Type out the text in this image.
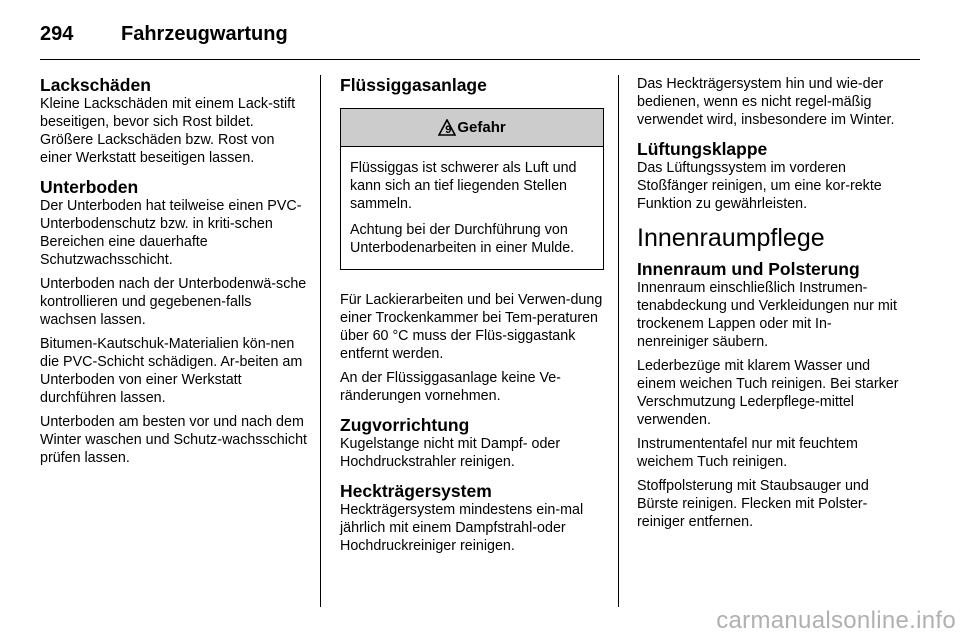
294	Fahrzeugwartung
Lackschäden

Kleine Lackschäden mit einem Lack-stift beseitigen, bevor sich Rost bildet. Größere Lackschäden bzw. Rost von einer Werkstatt beseitigen lassen.

Unterboden

Der Unterboden hat teilweise einen PVC-Unterbodenschutz bzw. in kriti-schen Bereichen eine dauerhafte Schutzwachsschicht.

Unterboden nach der Unterbodenwä-sche kontrollieren und gegebenen-falls wachsen lassen.

Bitumen-Kautschuk-Materialien kön-nen die PVC-Schicht schädigen. Ar-beiten am Unterboden von einer Werkstatt durchführen lassen.

Unterboden am besten vor und nach dem Winter waschen und Schutz-wachsschicht prüfen lassen.

Flüssiggasanlage
9 Gefahr

Flüssiggas ist schwerer als Luft und kann sich an tief liegenden Stellen sammeln.

Achtung bei der Durchführung von Unterbodenarbeiten in einer Mulde.

Für Lackierarbeiten und bei Verwen-dung einer Trockenkammer bei Tem-peraturen über 60 °C muss der Flüs-siggastank entfernt werden.

An der Flüssiggasanlage keine Ve-ränderungen vornehmen.

Zugvorrichtung

Kugelstange nicht mit Dampf- oder Hochdruckstrahler reinigen.

Heckträgersystem

Heckträgersystem mindestens ein-mal jährlich mit einem Dampfstrahl-oder Hochdruckreiniger reinigen.

Das Heckträgersystem hin und wie-der bedienen, wenn es nicht regel-mäßig verwendet wird, insbesondere im Winter.

Lüftungsklappe

Das Lüftungssystem im vorderen Stoßfänger reinigen, um eine kor-rekte Funktion zu gewährleisten.

Innenraumpflege
Innenraum und Polsterung

Innenraum einschließlich Instrumen-tenabdeckung und Verkleidungen nur mit trockenem Lappen oder mit In-nenreiniger säubern.

Lederbezüge mit klarem Wasser und einem weichen Tuch reinigen. Bei starker Verschmutzung Lederpflege-mittel verwenden.

Instrumententafel nur mit feuchtem weichem Tuch reinigen.

Stoffpolsterung mit Staubsauger und Bürste reinigen. Flecken mit Polster-reiniger entfernen.

carmanualsonline.info
